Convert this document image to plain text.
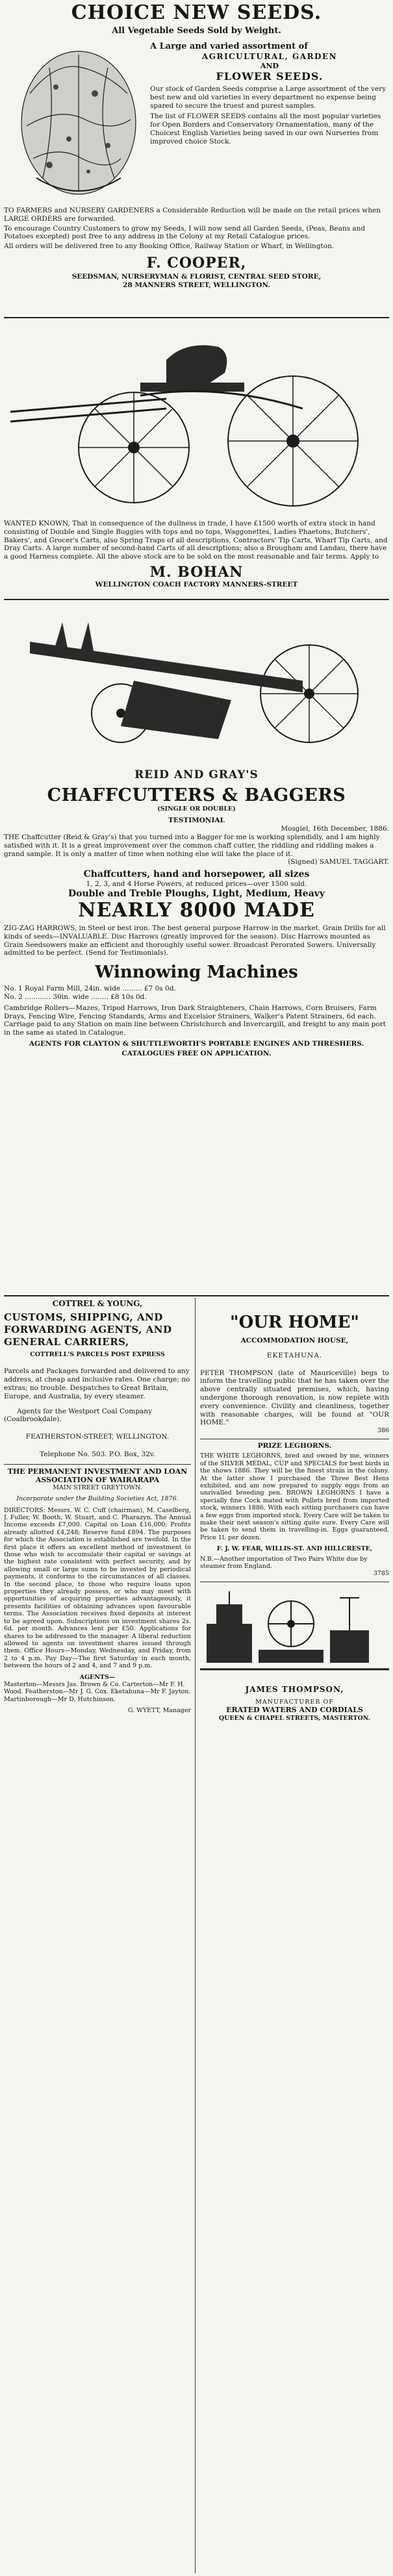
CHOICE NEW SEEDS.
All Vegetable Seeds Sold by Weight.

A Large and varied assortment of

AGRICULTURAL, GARDEN

AND

FLOWER SEEDS.

Our stock of Garden Seeds comprise a Large assortment of the very best new and old varieties in every department no expense being spared to secure the truest and purest samples.

The list of FLOWER SEEDS contains all the most popular varieties for Open Borders and Conservatory Ornamentation, many of the Choicest English Varieties being saved in our own Nurseries from improved choice Stock.

TO FARMERS and NURSERY GARDENERS a Considerable Reduction will be made on the retail prices when LARGE ORDERS are forwarded.

To encourage Country Customers to grow my Seeds, I will now send all Garden Seeds, (Peas, Beans and Potatoes excepted) post free to any address in the Colony at my Retail Catalogue prices.

All orders will be delivered free to any Booking Office, Railway Station or Wharf, in Wellington.

F. COOPER,

SEEDSMAN, NURSERYMAN & FLORIST, CENTRAL SEED STORE,

28 MANNERS STREET, WELLINGTON.

WANTED KNOWN, That in consequence of the dullness in trade, I have £1500 worth of extra stock in hand consisting of Double and Single Buggies with tops and no tops, Waggonettes, Ladies Phaetons, Butchers', Bakers', and Grocer's Carts, also Spring Traps of all descriptions, Contractors' Tip Carts, Wharf Tip Carts, and Dray Carts. A large number of second-hand Carts of all descriptions; also a Brougham and Landau, there have a good Harness complete. All the above stock are to be sold on the most reasonable and fair terms. Apply to

M. BOHAN

WELLINGTON COACH FACTORY MANNERS-STREET

REID AND GRAY'S

CHAFFCUTTERS & BAGGERS

(SINGLE OR DOUBLE)

TESTIMONIAL

Mosgiel, 16th December, 1886.

THE Chaffcutter (Reid & Gray's) that you turned into a Bagger for me is working splendidly, and I am highly satisfied with it. It is a great improvement over the common chaff cutter, the riddling and riddling makes a grand sample. It is only a matter of time when nothing else will take the place of it.

(Signed) SAMUEL TAGGART.

Chaffcutters, hand and horsepower, all sizes

1, 2, 3, and 4 Horse Powers, at reduced prices—over 1500 sold.

Double and Treble Ploughs, Light, Medium, Heavy

NEARLY 8000 MADE

ZIG-ZAG HARROWS, in Steel or best iron. The best general purpose Harrow in the market. Grain Drills for all kinds of seeds—INVALUABLE. Disc Harrows (greatly improved for the season). Disc Harrows mounted as Grain Seedsowers make an efficient and thoroughly useful sower. Broadcast Perorated Sowers. Universally admitted to be perfect. (Send for Testimonials).

Winnowing Machines

No. 1 Royal Farm Mill, 24in. wide ......... £7 0s 0d.

No. 2 ............ 30in. wide ........ £8 10s 0d.

Cambridge Rollers—Mazes, Tripod Harrows, Iron Dark Straighteners, Chain Harrows, Corn Bruisers, Farm Drays, Fencing Wire, Fencing Standards, Arms and Excelsior Strainers, Walker's Patent Strainers, 6d each. Carriage paid to any Station on main line between Christchurch and Invercargill, and freight to any main port in the same as stated in Catalogue.

AGENTS FOR CLAYTON & SHUTTLEWORTH'S PORTABLE ENGINES AND THRESHERS.

CATALOGUES FREE ON APPLICATION.

COTTREL & YOUNG,

CUSTOMS, SHIPPING, AND FORWARDING AGENTS, AND GENERAL CARRIERS,

COTTRELL'S PARCELS POST EXPRESS

Parcels and Packages forwarded and delivered to any address, at cheap and inclusive rates. One charge; no extras; no trouble. Despatches to Great Britain, Europe, and Australia, by every steamer.

Agents for the Westport Coal Company (Coalbrookdale).

FEATHERSTON-STREET, WELLINGTON.

Telephone No. 503. P.O. Box, 32v.

THE PERMANENT INVESTMENT AND LOAN ASSOCIATION OF WAIRARAPA

MAIN STREET GREYTOWN.

Incorporate under the Building Societies Act, 1876.

DIRECTORS: Messrs. W. C. Cuff (chairman), M. Caselberg, J. Fuller, W. Booth, W. Stuart, and C. Pharazyn. The Annual Income exceeds £7,000. Capital on Loan £16,000; Profits already allotted £4,248; Reserve fund £894. The purposes for which the Association is established are twofold. In the first place it offers an excellent method of investment to those who wish to accumulate their capital or savings at the highest rate consistent with perfect security, and by allowing small or large sums to be invested by periodical payments, it conforms to the circumstances of all classes. In the second place, to those who require loans upon properties they already possess, or who may meet with opportunities of acquiring properties advantageously, it presents facilities of obtaining advances upon favourable terms. The Association receives fixed deposits at interest to be agreed upon. Subscriptions on investment shares 2s. 6d. per month. Advances lent per £50. Applications for shares to be addressed to the manager. A liberal reduction allowed to agents on investment shares issued through them. Office Hours—Monday, Wednesday, and Friday, from 2 to 4 p.m. Pay Day—The first Saturday in each month, between the hours of 2 and 4, and 7 and 9 p.m.

AGENTS—

Masterton—Messrs Jas. Brown & Co. Carterton—Mr F. H. Wood. Featherston—Mr J. G. Cox. Eketahuna—Mr F. Jayton. Martinborough—Mr D. Hutchinson.

G. WYETT, Manager

"OUR HOME"

ACCOMMODATION HOUSE,

EKETAHUNA.

PETER THOMPSON (late of Mauriceville) begs to inform the travelling public that he has taken over the above centrally situated premises, which, having undergone thorough renovation, is now replete with every convenience. Civility and cleanliness, together with reasonable charges, will be found at "OUR HOME."

386

PRIZE LEGHORNS.

THE WHITE LEGHORNS, bred and owned by me, winners of the SILVER MEDAL, CUP and SPECIALS for best birds in the shows 1886. They will be the finest strain in the colony. At the latter show I purchased the Three Best Hens exhibited, and am now prepared to supply eggs from an unrivalled breeding pen. BROWN LEGHORNS I have a specially fine Cock mated with Pullets bred from imported stock, winners 1886. With each sitting purchasers can have a few eggs from imported stock. Every Care will be taken to make their next season's sitting quite sure. Every Care will be taken to send them in travelling-in. Eggs guaranteed. Price 1l. per dozen.

F. J. W. FEAR, WILLIS-ST. AND HILLCRESTE,

N.B.—Another importation of Two Pairs White due by steamer from England.

3785

JAMES THOMPSON,

MANUFACTURER OF

ERATED WATERS AND CORDIALS

QUEEN & CHAPEL STREETS, MASTERTON.
